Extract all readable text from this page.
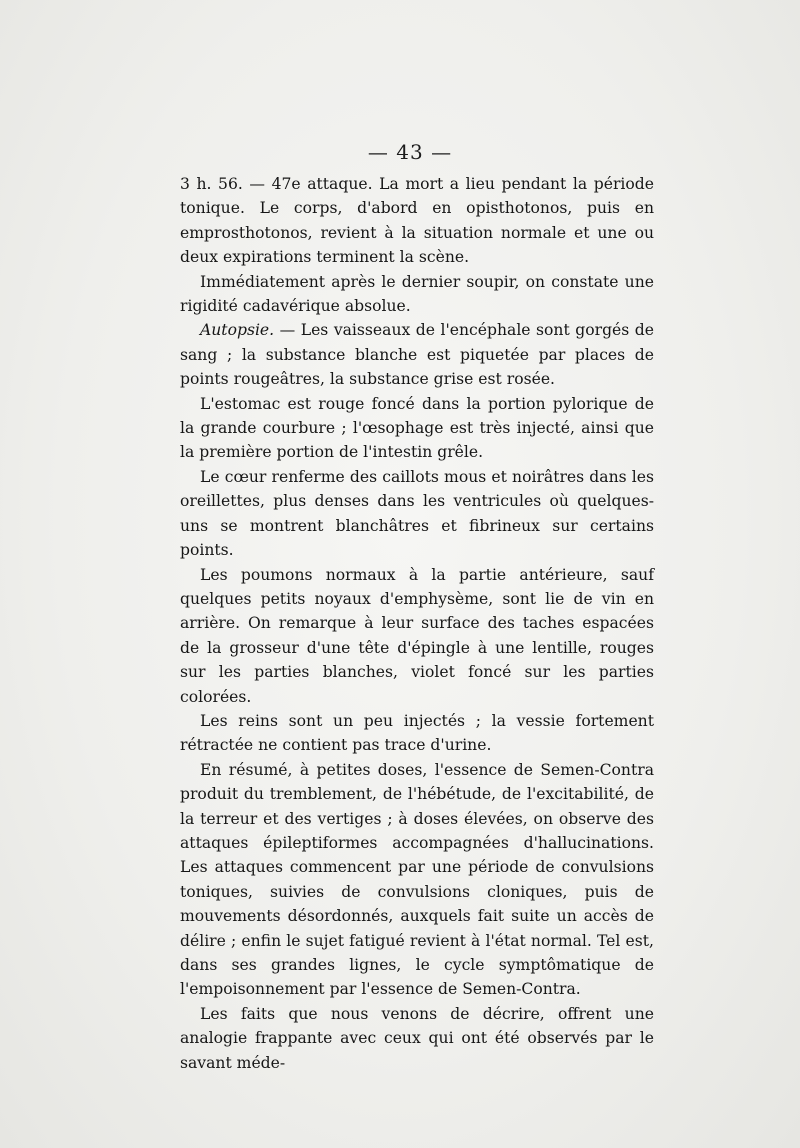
— 43 —

3 h. 56. — 47e attaque. La mort a lieu pendant la période tonique. Le corps, d'abord en opisthotonos, puis en emprosthotonos, revient à la situation normale et une ou deux expirations terminent la scène.

Immédiatement après le dernier soupir, on constate une rigidité cadavérique absolue.

Autopsie. — Les vaisseaux de l'encéphale sont gorgés de sang ; la substance blanche est piquetée par places de points rougeâtres, la substance grise est rosée.

L'estomac est rouge foncé dans la portion pylorique de la grande courbure ; l'œsophage est très injecté, ainsi que la première portion de l'intestin grêle.

Le cœur renferme des caillots mous et noirâtres dans les oreillettes, plus denses dans les ventricules où quelques-uns se montrent blanchâtres et fibrineux sur certains points.

Les poumons normaux à la partie antérieure, sauf quelques petits noyaux d'emphysème, sont lie de vin en arrière. On remarque à leur surface des taches espacées de la grosseur d'une tête d'épingle à une lentille, rouges sur les parties blanches, violet foncé sur les parties colorées.

Les reins sont un peu injectés ; la vessie fortement rétractée ne contient pas trace d'urine.

En résumé, à petites doses, l'essence de Semen-Contra produit du tremblement, de l'hébétude, de l'excitabilité, de la terreur et des vertiges ; à doses élevées, on observe des attaques épileptiformes accompagnées d'hallucinations. Les attaques commencent par une période de convulsions toniques, suivies de convulsions cloniques, puis de mouvements désordonnés, auxquels fait suite un accès de délire ; enfin le sujet fatigué revient à l'état normal. Tel est, dans ses grandes lignes, le cycle symptômatique de l'empoisonnement par l'essence de Semen-Contra.

Les faits que nous venons de décrire, offrent une analogie frappante avec ceux qui ont été observés par le savant méde-
